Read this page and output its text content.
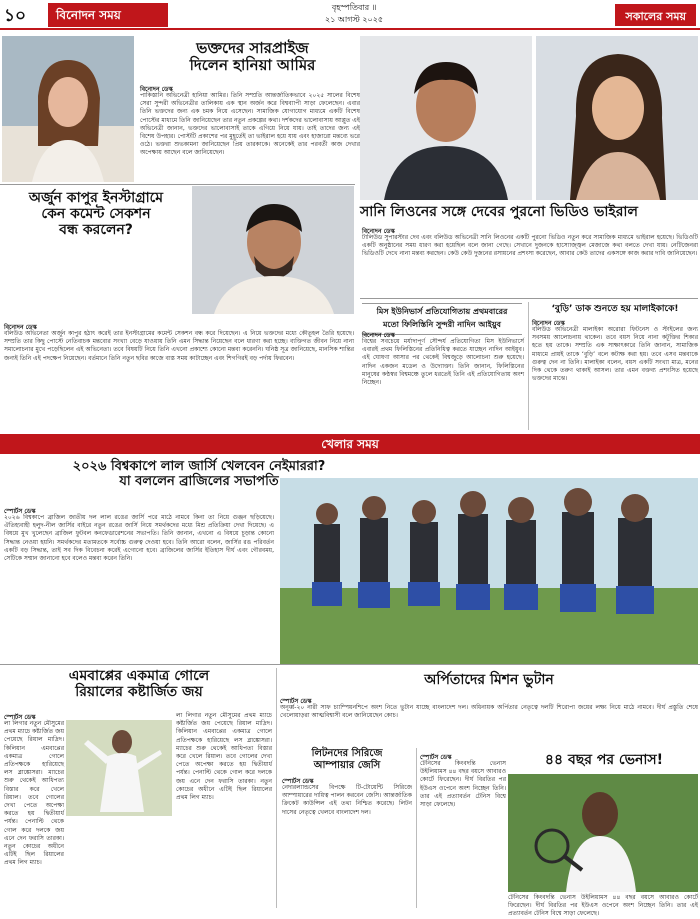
১০	বিনোদন সময়
বৃহস্পতিবার ॥
২১ আগস্ট ২০২৫	সকালের সময়
ভক্তদের সারপ্রাইজ
দিলেন হানিয়া আমির
বিনোদন ডেস্ক
পাকিস্তানি অভিনেত্রী হানিয়া আমির। তিনি সম্প্রতি আন্তর্জাতিকভাবে ২০২৫ সালের বিশেষ সেরা সুন্দরী অভিনেত্রীর তালিকায় এক স্থান অর্জন করে বিশ্বব্যাপী সাড়া ফেলেছেন। এবার তিনি ভক্তদের জন্য এক চমক নিয়ে এসেছেন। সামাজিক যোগাযোগ মাধ্যমে একটি বিশেষ পোস্টের মাধ্যমে তিনি জানিয়েছেন তার নতুন প্রকল্পের কথা। দর্শকদের ভালোবাসায় আপ্লুত এই অভিনেত্রী জানান, ভক্তদের ভালোবাসাই তাকে এগিয়ে নিয়ে যায়। তাই তাদের জন্য এই বিশেষ উপহার। পোস্টটি প্রকাশের পর মুহূর্তেই তা ভাইরাল হয়ে যায় এবং হাজারো মন্তব্যে ভরে ওঠে। ভক্তরা শুভকামনা জানিয়েছেন প্রিয় তারকাকে। অনেকেই তার পরবর্তী কাজ দেখার অপেক্ষায় আছেন বলে জানিয়েছেন।
অর্জুন কাপুর ইনস্টাগ্রামে
কেন কমেন্ট সেকশন
বন্ধ করলেন?
বিনোদন ডেস্ক
বলিউড অভিনেতা অর্জুন কাপুর হঠাৎ করেই তার ইনস্টাগ্রামের কমেন্ট সেকশন বন্ধ করে দিয়েছেন। এ নিয়ে ভক্তদের মধ্যে কৌতূহল তৈরি হয়েছে। সম্প্রতি তার কিছু পোস্টে নেতিবাচক মন্তব্যের সংখ্যা বেড়ে যাওয়ায় তিনি এমন সিদ্ধান্ত নিয়েছেন বলে ধারণা করা হচ্ছে। ব্যক্তিগত জীবন নিয়ে নানা সমালোচনার মুখে পড়েছিলেন এই অভিনেতা। তবে বিষয়টি নিয়ে তিনি এখনো প্রকাশ্যে কোনো মন্তব্য করেননি। ঘনিষ্ঠ সূত্র জানিয়েছে, মানসিক শান্তির জন্যই তিনি এই পদক্ষেপ নিয়েছেন। বর্তমানে তিনি নতুন ছবির কাজে ব্যস্ত সময় কাটাচ্ছেন এবং শিগগিরই বড় পর্দায় ফিরবেন।
সানি লিওনের সঙ্গে দেবের পুরনো ভিডিও ভাইরাল
বিনোদন ডেস্ক
টালিউড সুপারস্টার দেব এবং বলিউড অভিনেত্রী সানি লিওনের একটি পুরনো ভিডিও নতুন করে সামাজিক মাধ্যমে ভাইরাল হয়েছে। ভিডিওটি একটি অনুষ্ঠানের সময় ধারণ করা হয়েছিল বলে জানা গেছে। সেখানে দুজনকে হাস্যোজ্জ্বল মেজাজে কথা বলতে দেখা যায়। নেটিজেনরা ভিডিওটি দেখে নানা মন্তব্য করছেন। কেউ কেউ দুজনের রসায়নের প্রশংসা করেছেন, আবার কেউ তাদের একসঙ্গে কাজ করার দাবি জানিয়েছেন।
মিস ইউনিভার্স প্রতিযোগিতায় প্রথমবারের
মতো ফিলিস্তিনি সুন্দরী নাদিন আইয়ুব
বিনোদন ডেস্ক
বিশ্বের সবচেয়ে মর্যাদাপূর্ণ সৌন্দর্য প্রতিযোগিতা মিস ইউনিভার্সে এবারই প্রথম ফিলিস্তিনের প্রতিনিধিত্ব করতে যাচ্ছেন নাদিন আইয়ুব। এই ঘোষণা আসার পর থেকেই বিশ্বজুড়ে আলোচনা শুরু হয়েছে। নাদিন একজন মডেল ও উদ্যোক্তা। তিনি জানান, ফিলিস্তিনের মানুষের কণ্ঠস্বর বিশ্বমঞ্চে তুলে ধরতেই তিনি এই প্রতিযোগিতায় অংশ নিচ্ছেন।
‘বুড়ি’ ডাক শুনতে হয় মালাইকাকে!
বিনোদন ডেস্ক
বলিউড অভিনেত্রী মালাইকা অরোরা ফিটনেস ও স্টাইলের জন্য সবসময় আলোচনায় থাকেন। তবে বয়স নিয়ে নানা কটূক্তির শিকার হতে হয় তাকে। সম্প্রতি এক সাক্ষাৎকারে তিনি জানান, সামাজিক মাধ্যমে প্রায়ই তাকে ‘বুড়ি’ বলে কটাক্ষ করা হয়। তবে এসব মন্তব্যকে গুরুত্ব দেন না তিনি। মালাইকা বলেন, বয়স একটি সংখ্যা মাত্র, মনের দিক থেকে তরুণ থাকাই আসল। তার এমন বক্তব্য প্রশংসিত হয়েছে ভক্তদের মাঝে।
খেলার সময়
২০২৬ বিশ্বকাপে লাল জার্সি খেলবেন নেইমাররা?
যা বললেন ব্রাজিলের সভাপতি
স্পোর্টস ডেস্ক
২০২৬ বিশ্বকাপে ব্রাজিল জাতীয় দল লাল রঙের জার্সি পরে মাঠে নামবে কিনা তা নিয়ে গুঞ্জন ছড়িয়েছে। ঐতিহ্যবাহী হলুদ-নীল জার্সির বাইরে নতুন রঙের জার্সি নিয়ে সমর্থকদের মধ্যে মিশ্র প্রতিক্রিয়া দেখা দিয়েছে। এ বিষয়ে মুখ খুলেছেন ব্রাজিল ফুটবল কনফেডারেশনের সভাপতি। তিনি জানান, এখনো এ বিষয়ে চূড়ান্ত কোনো সিদ্ধান্ত নেওয়া হয়নি। সমর্থকদের মতামতকে সর্বোচ্চ গুরুত্ব দেওয়া হবে। তিনি আরো বলেন, জার্সির রঙ পরিবর্তন একটি বড় সিদ্ধান্ত, তাই সব দিক বিবেচনা করেই এগোনো হবে। ব্রাজিলের জার্সির ইতিহাস দীর্ঘ এবং গৌরবময়, সেটিকে সম্মান জানানো হবে বলেও মন্তব্য করেন তিনি।
এমবাপ্পের একমাত্র গোলে
রিয়ালের কষ্টার্জিত জয়
স্পোর্টস ডেস্ক
লা লিগার নতুন মৌসুমের প্রথম ম্যাচে কষ্টার্জিত জয় পেয়েছে রিয়াল মাদ্রিদ। কিলিয়ান এমবাপ্পের একমাত্র গোলে প্রতিপক্ষকে হারিয়েছে লস ব্লাঙ্কোসরা। ম্যাচের শুরু থেকেই আধিপত্য বিস্তার করে খেলে রিয়াল। তবে গোলের দেখা পেতে অপেক্ষা করতে হয় দ্বিতীয়ার্ধ পর্যন্ত। পেনাল্টি থেকে গোল করে দলকে জয় এনে দেন ফরাসি তারকা। নতুন কোচের অধীনে এটিই ছিল রিয়ালের প্রথম লিগ ম্যাচ।
লা লিগার নতুন মৌসুমের প্রথম ম্যাচে কষ্টার্জিত জয় পেয়েছে রিয়াল মাদ্রিদ। কিলিয়ান এমবাপ্পের একমাত্র গোলে প্রতিপক্ষকে হারিয়েছে লস ব্লাঙ্কোসরা। ম্যাচের শুরু থেকেই আধিপত্য বিস্তার করে খেলে রিয়াল। তবে গোলের দেখা পেতে অপেক্ষা করতে হয় দ্বিতীয়ার্ধ পর্যন্ত। পেনাল্টি থেকে গোল করে দলকে জয় এনে দেন ফরাসি তারকা। নতুন কোচের অধীনে এটিই ছিল রিয়ালের প্রথম লিগ ম্যাচ।
অর্পিতাদের মিশন ভুটান
স্পোর্টস ডেস্ক
অনূর্ধ্ব-২০ নারী সাফ চ্যাম্পিয়নশিপে অংশ নিতে ভুটান যাচ্ছে বাংলাদেশ দল। অধিনায়ক অর্পিতার নেতৃত্বে দলটি শিরোপা জয়ের লক্ষ্য নিয়ে মাঠে নামবে। দীর্ঘ প্রস্তুতি শেষে খেলোয়াড়রা আত্মবিশ্বাসী বলে জানিয়েছেন কোচ।
লিটনদের সিরিজে
আম্পায়ার জেসি
স্পোর্টস ডেস্ক
নেদারল্যান্ডসের বিপক্ষে টি-টোয়েন্টি সিরিজে আম্পায়ারের দায়িত্ব পালন করবেন জেসি। আন্তর্জাতিক ক্রিকেট কাউন্সিল এই তথ্য নিশ্চিত করেছে। লিটন দাসের নেতৃত্বে খেলবে বাংলাদেশ দল।
৪৪ বছর পর ভেনাস!
স্পোর্টস ডেস্ক
টেনিসের কিংবদন্তি ভেনাস উইলিয়ামস ৪৪ বছর বয়সে আবারও কোর্টে ফিরেছেন। দীর্ঘ বিরতির পর ইউএস ওপেনে অংশ নিচ্ছেন তিনি। তার এই প্রত্যাবর্তন টেনিস বিশ্বে সাড়া ফেলেছে।
টেনিসের কিংবদন্তি ভেনাস উইলিয়ামস ৪৪ বছর বয়সে আবারও কোর্টে ফিরেছেন। দীর্ঘ বিরতির পর ইউএস ওপেনে অংশ নিচ্ছেন তিনি। তার এই প্রত্যাবর্তন টেনিস বিশ্বে সাড়া ফেলেছে।
